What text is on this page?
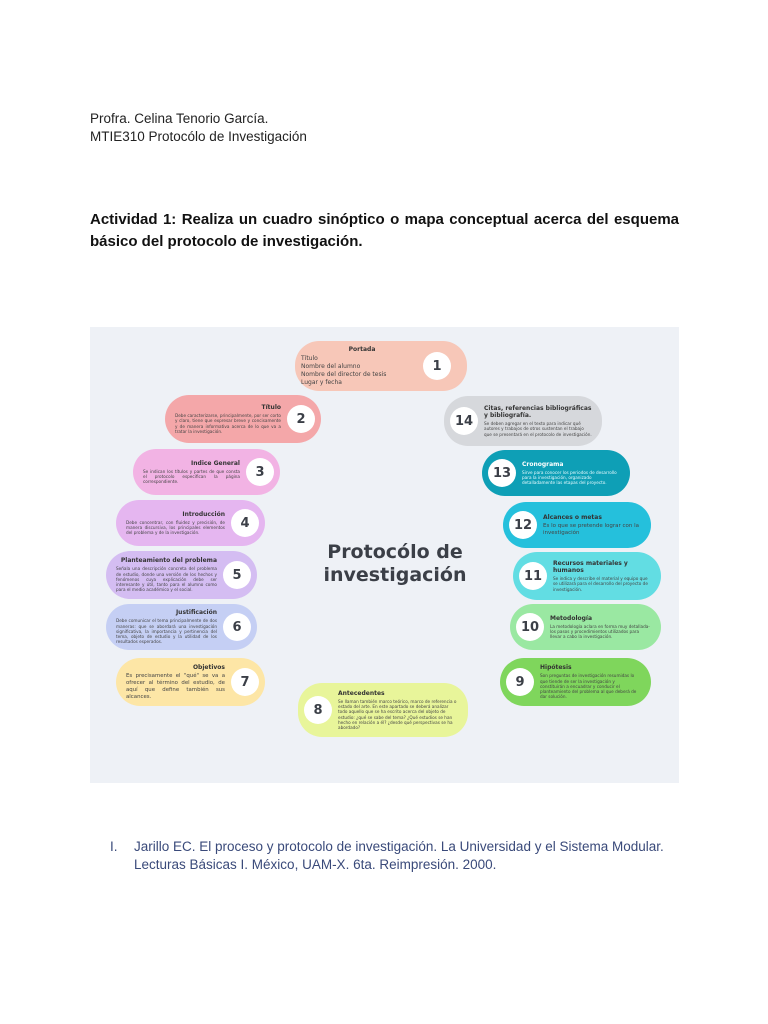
Profra. Celina Tenorio García.
MTIE310 Protocólo de Investigación
Actividad 1: Realiza un cuadro sinóptico o mapa conceptual acerca del esquema básico del protocolo de investigación.
Protocólo de
investigación
Portada
Título
Nombre del alumno
Nombre del director de tesis
Lugar y fecha
1
Título
Debe caracterizarse, principalmente, por ser corto y claro, tiene que expresar breve y concisamente y de manera informativa acerca de lo que va a tratar la investigación.
2
Indice General
Se indican los títulos y partes de que consta el protocolo especifican la página correspondiente.
3
Introducción
Debe concentrar, con fluidez y precisión, de manera discursiva, los principales elementos del problema y de la investigación.
4
Planteamiento del problema
Señala una descripción concreta del problema de estudio, donde una versión de los hechos y fenómenos cuya explicación debe ser interesante y útil, tanto para el alumno como para el medio académico y el social.
5
Justificación
Debe comunicar el tema principalmente de dos maneras: que se abordará una investigación significativa, la importancia y pertinencia del tema, objeto de estudio y la utilidad de los resultados esperados.
6
Objetivos
Es precisamente el "qué" se va a ofrecer al término del estudio, de aquí que define también sus alcances.
7
8
Antecedentes
Se llaman también marco teórico, marco de referencia o estado del arte. En este apartado se deberá analizar todo aquello que se ha escrito acerca del objeto de estudio: ¿qué se sabe del tema? ¿Qué estudios se han hecho en relación a él? ¿desde qué perspectivas se ha abordado?
9
Hipótesis
Son preguntas de investigación resumidas lo que tiende de ser la investigación y constituirán a encuadrar y conducir el planteamiento del problema al que deberá de dar solución.
10
Metodología
La metodología aclara en forma muy detallada- los pasos y procedimientos utilizados para llevar a cabo la investigación.
11
Recursos materiales y humanos
Se indica y describe el material y equipo que se utilizará para el desarrollo del proyecto de investigación.
12
Alcances o metas
Es lo que se pretende lograr con la investigación
13
Cronograma
Sirve para conocer los periodos de desarrollo para la investigación, organizado detalladamente las etapas del proyecto.
14
Citas, referencias bibliográficas y bibliografía.
Se deben agregar en el texto para indicar qué autores y trabajos de otros sustentan el trabajo que se presentará en el protocolo de investigación.
I. Jarillo EC. El proceso y protocolo de investigación. La Universidad y el Sistema Modular. Lecturas Básicas I. México, UAM-X. 6ta. Reimpresión. 2000.
